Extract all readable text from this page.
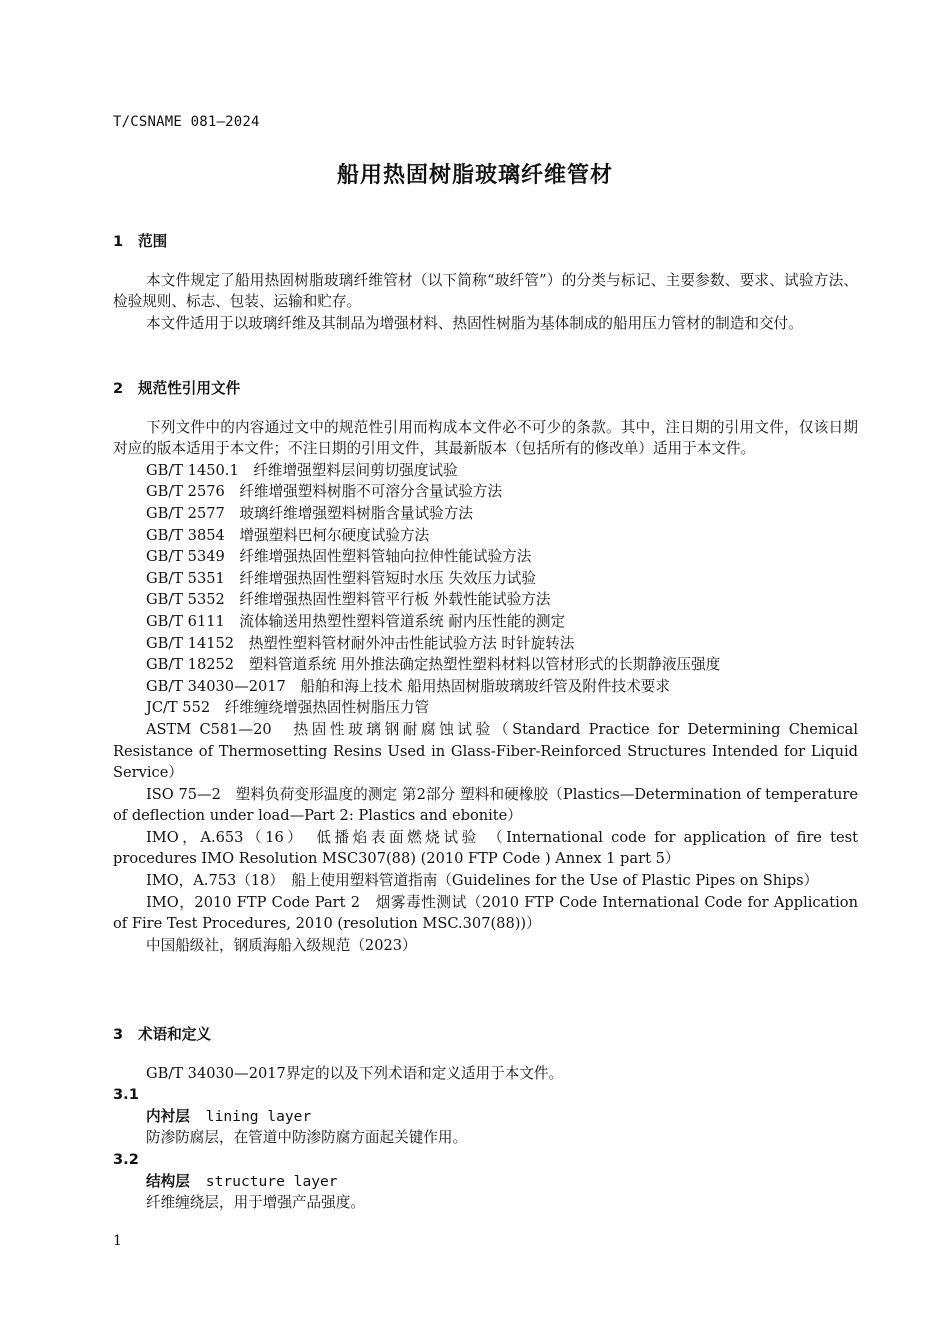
T/CSNAME 081—2024
船用热固树脂玻璃纤维管材
1 范围
本文件规定了船用热固树脂玻璃纤维管材（以下简称“玻纤管”）的分类与标记、主要参数、要求、试验方法、检验规则、标志、包装、运输和贮存。
本文件适用于以玻璃纤维及其制品为增强材料、热固性树脂为基体制成的船用压力管材的制造和交付。
2 规范性引用文件
下列文件中的内容通过文中的规范性引用而构成本文件必不可少的条款。其中，注日期的引用文件，仅该日期对应的版本适用于本文件；不注日期的引用文件，其最新版本（包括所有的修改单）适用于本文件。
GB/T 1450.1　纤维增强塑料层间剪切强度试验
GB/T 2576　纤维增强塑料树脂不可溶分含量试验方法
GB/T 2577　玻璃纤维增强塑料树脂含量试验方法
GB/T 3854　增强塑料巴柯尔硬度试验方法
GB/T 5349　纤维增强热固性塑料管轴向拉伸性能试验方法
GB/T 5351　纤维增强热固性塑料管短时水压 失效压力试验
GB/T 5352　纤维增强热固性塑料管平行板 外载性能试验方法
GB/T 6111　流体输送用热塑性塑料管道系统 耐内压性能的测定
GB/T 14152　热塑性塑料管材耐外冲击性能试验方法 时针旋转法
GB/T 18252　塑料管道系统 用外推法确定热塑性塑料材料以管材形式的长期静液压强度
GB/T 34030—2017　船舶和海上技术 船用热固树脂玻璃玻纤管及附件技术要求
JC/T 552　纤维缠绕增强热固性树脂压力管
ASTM C581—20　热固性玻璃钢耐腐蚀试验（Standard Practice for Determining Chemical Resistance of Thermosetting Resins Used in Glass-Fiber-Reinforced Structures Intended for Liquid Service）
ISO 75—2　塑料负荷变形温度的测定 第2部分 塑料和硬橡胶（Plastics—Determination of temperature of deflection under load—Part 2: Plastics and ebonite）
IMO，A.653（16）　低播焰表面燃烧试验 （International code for application of fire test procedures IMO Resolution MSC307(88) (2010 FTP Code ) Annex 1 part 5）
IMO，A.753（18）　船上使用塑料管道指南（Guidelines for the Use of Plastic Pipes on Ships）
IMO，2010 FTP Code Part 2　烟雾毒性测试（2010 FTP Code International Code for Application of Fire Test Procedures, 2010 (resolution MSC.307(88))）
中国船级社，钢质海船入级规范（2023）
3 术语和定义
GB/T 34030—2017界定的以及下列术语和定义适用于本文件。
3.1
内衬层 lining layer
防渗防腐层，在管道中防渗防腐方面起关键作用。
3.2
结构层 structure layer
纤维缠绕层，用于增强产品强度。
1
